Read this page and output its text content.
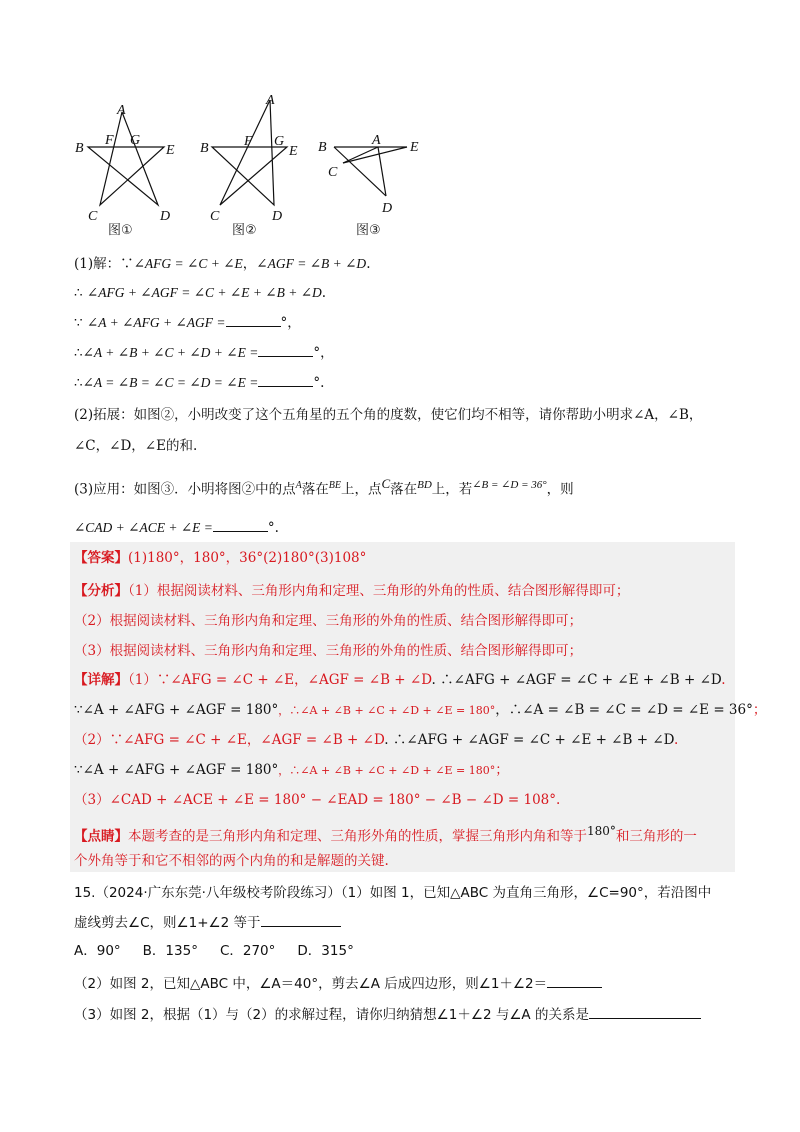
A
B
C	D
E
F G
图①
A
B
C	D
E
F G
图②
B	A E
C
D
图③
(1)解：∵∠AFG = ∠C + ∠E，∠AGF = ∠B + ∠D.
∴ ∠AFG + ∠AGF = ∠C + ∠E + ∠B + ∠D.
∵ ∠A + ∠AFG + ∠AGF =	°，
∴∠A + ∠B + ∠C + ∠D + ∠E =	°，
∴∠A = ∠B = ∠C = ∠D = ∠E =	°.
(2)拓展：如图②，小明改变了这个五角星的五个角的度数，使它们均不相等，请你帮助小明求∠A，∠B，
∠C，∠D，∠E的和.
(3)应用：如图③．小明将图②中的点$^A$落在$^{BE}$上，点$^C$落在$^{BD}$上，若$^{\angle B = \angle D = 36^\circ}$，则
∠CAD + ∠ACE + ∠E =	°.
【答案】(1)180°，180°，36°(2)180°(3)108°
【分析】（1）根据阅读材料、三角形内角和定理、三角形的外角的性质、结合图形解得即可；
（2）根据阅读材料、三角形内角和定理、三角形的外角的性质、结合图形解得即可；
（3）根据阅读材料、三角形内角和定理、三角形的外角的性质、结合图形解得即可；
【详解】（1）∵∠AFG = ∠C + ∠E，∠AGF = ∠B + ∠D. ∴∠AFG + ∠AGF = ∠C + ∠E + ∠B + ∠D.
∵∠A + ∠AFG + ∠AGF = 180°，∴∠A + ∠B + ∠C + ∠D + ∠E = 180°，∴∠A = ∠B = ∠C = ∠D = ∠E = 36°；
（2）∵∠AFG = ∠C + ∠E，∠AGF = ∠B + ∠D. ∴∠AFG + ∠AGF = ∠C + ∠E + ∠B + ∠D.
∵∠A + ∠AFG + ∠AGF = 180°，∴∠A + ∠B + ∠C + ∠D + ∠E = 180°；
（3）∠CAD + ∠ACE + ∠E = 180° − ∠EAD = 180° − ∠B − ∠D = 108°.
【点睛】本题考查的是三角形内角和定理、三角形外角的性质，掌握三角形内角和等于$^{180^\circ}$和三角形的一
个外角等于和它不相邻的两个内角的和是解题的关键.
15.（2024·广东东莞·八年级校考阶段练习）（1）如图 1，已知△ABC 为直角三角形，∠C=90°，若沿图中
虚线剪去∠C，则∠1+∠2 等于
A．90° B．135° C．270° D．315°
（2）如图 2，已知△ABC 中，∠A＝40°，剪去∠A 后成四边形，则∠1＋∠2＝
（3）如图 2，根据（1）与（2）的求解过程，请你归纳猜想∠1＋∠2 与∠A 的关系是
